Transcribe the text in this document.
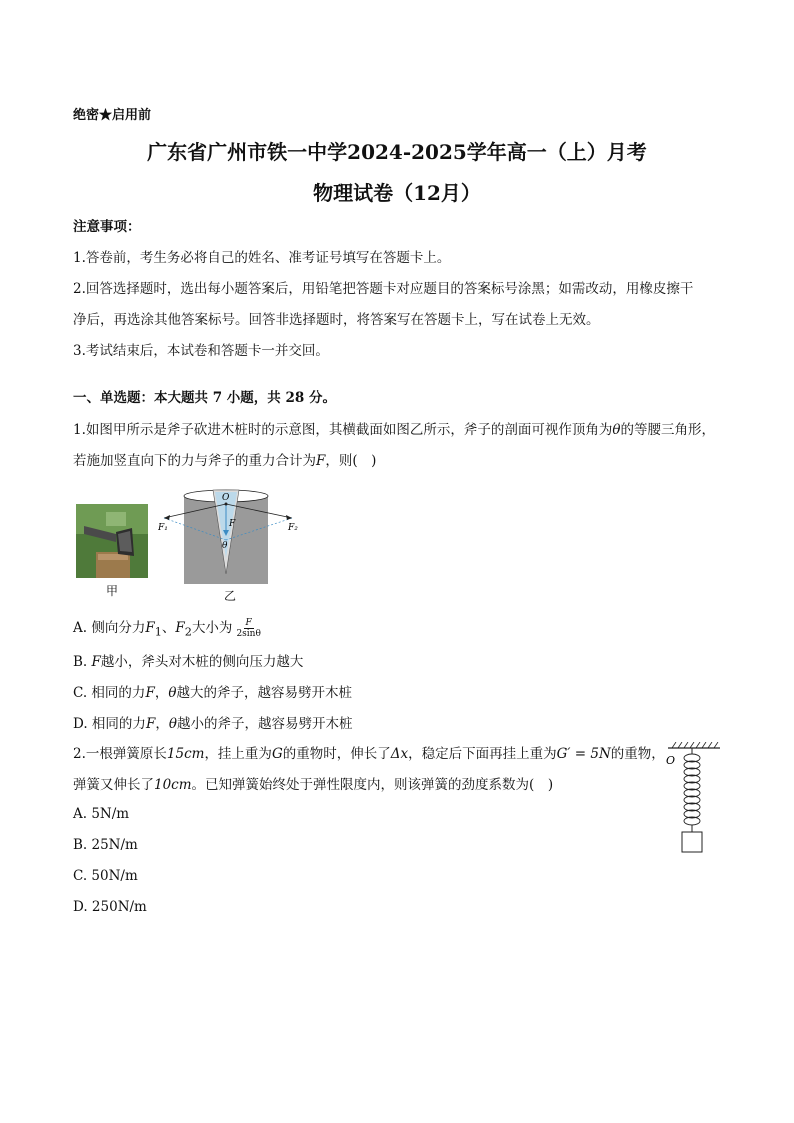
绝密★启用前
广东省广州市铁一中学2024-2025学年高一（上）月考
物理试卷（12月）
注意事项：
1.答卷前，考生务必将自己的姓名、准考证号填写在答题卡上。
2.回答选择题时，选出每小题答案后，用铅笔把答题卡对应题目的答案标号涂黑；如需改动，用橡皮擦干
净后，再选涂其他答案标号。回答非选择题时，将答案写在答题卡上，写在试卷上无效。
3.考试结束后，本试卷和答题卡一并交回。
一、单选题：本大题共 7 小题，共 28 分。
1.如图甲所示是斧子砍进木桩时的示意图，其横截面如图乙所示，斧子的剖面可视作顶角为θ的等腰三角形，
若施加竖直向下的力与斧子的重力合计为F，则(　)
甲
O
F
F₁	F₂
θ
乙
A. 侧向分力$F_1$、$F_2$大小为 $\frac{F}{2\sin\theta}$
B. F越小，斧头对木桩的侧向压力越大
C. 相同的力F，θ越大的斧子，越容易劈开木桩
D. 相同的力F，θ越小的斧子，越容易劈开木桩
2.一根弹簧原长15cm，挂上重为G的重物时，伸长了Δx，稳定后下面再挂上重为G′ = 5N的重物，
弹簧又伸长了10cm。已知弹簧始终处于弹性限度内，则该弹簧的劲度系数为(　)
O
A. 5N/m
B. 25N/m
C. 50N/m
D. 250N/m
